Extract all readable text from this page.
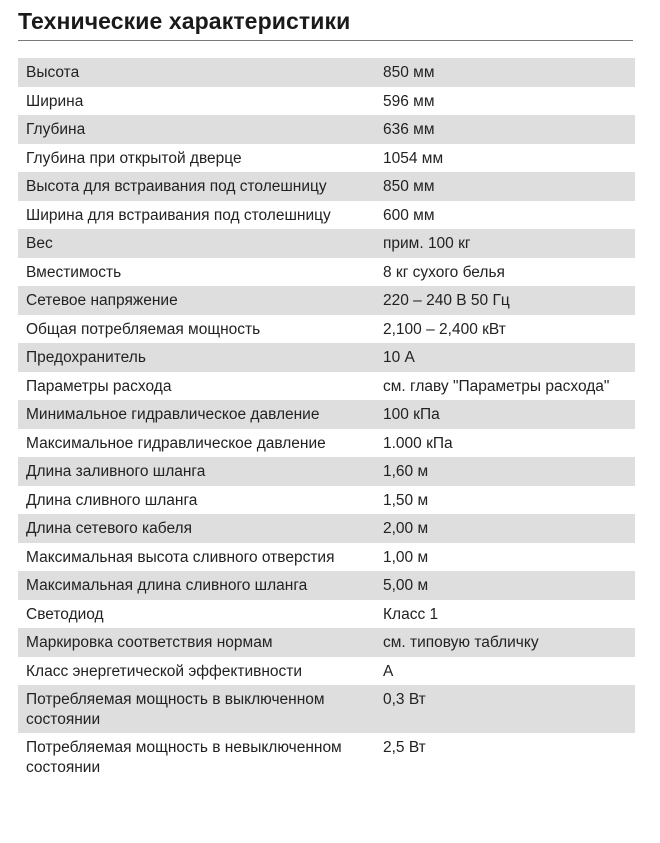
Технические характеристики
Высота	850 мм
Ширина	596 мм
Глубина	636 мм
Глубина при открытой дверце	1054 мм
Высота для встраивания под столешницу	850 мм
Ширина для встраивания под столешницу	600 мм
Вес	прим. 100 кг
Вместимость	8 кг сухого белья
Сетевое напряжение	220 – 240 В 50 Гц
Общая потребляемая мощность	2,100 – 2,400 кВт
Предохранитель	10 А
Параметры расхода	см. главу "Параметры расхода"
Минимальное гидравлическое давление	100 кПа
Максимальное гидравлическое давление	1.000 кПа
Длина заливного шланга	1,60 м
Длина сливного шланга	1,50 м
Длина сетевого кабеля	2,00 м
Максимальная высота сливного отверстия	1,00 м
Максимальная длина сливного шланга	5,00 м
Светодиод	Класс 1
Маркировка соответствия нормам	см. типовую табличку
Класс энергетической эффективности	А
Потребляемая мощность в выключенном состоянии	0,3 Вт
Потребляемая мощность в невыключенном состоянии	2,5 Вт
